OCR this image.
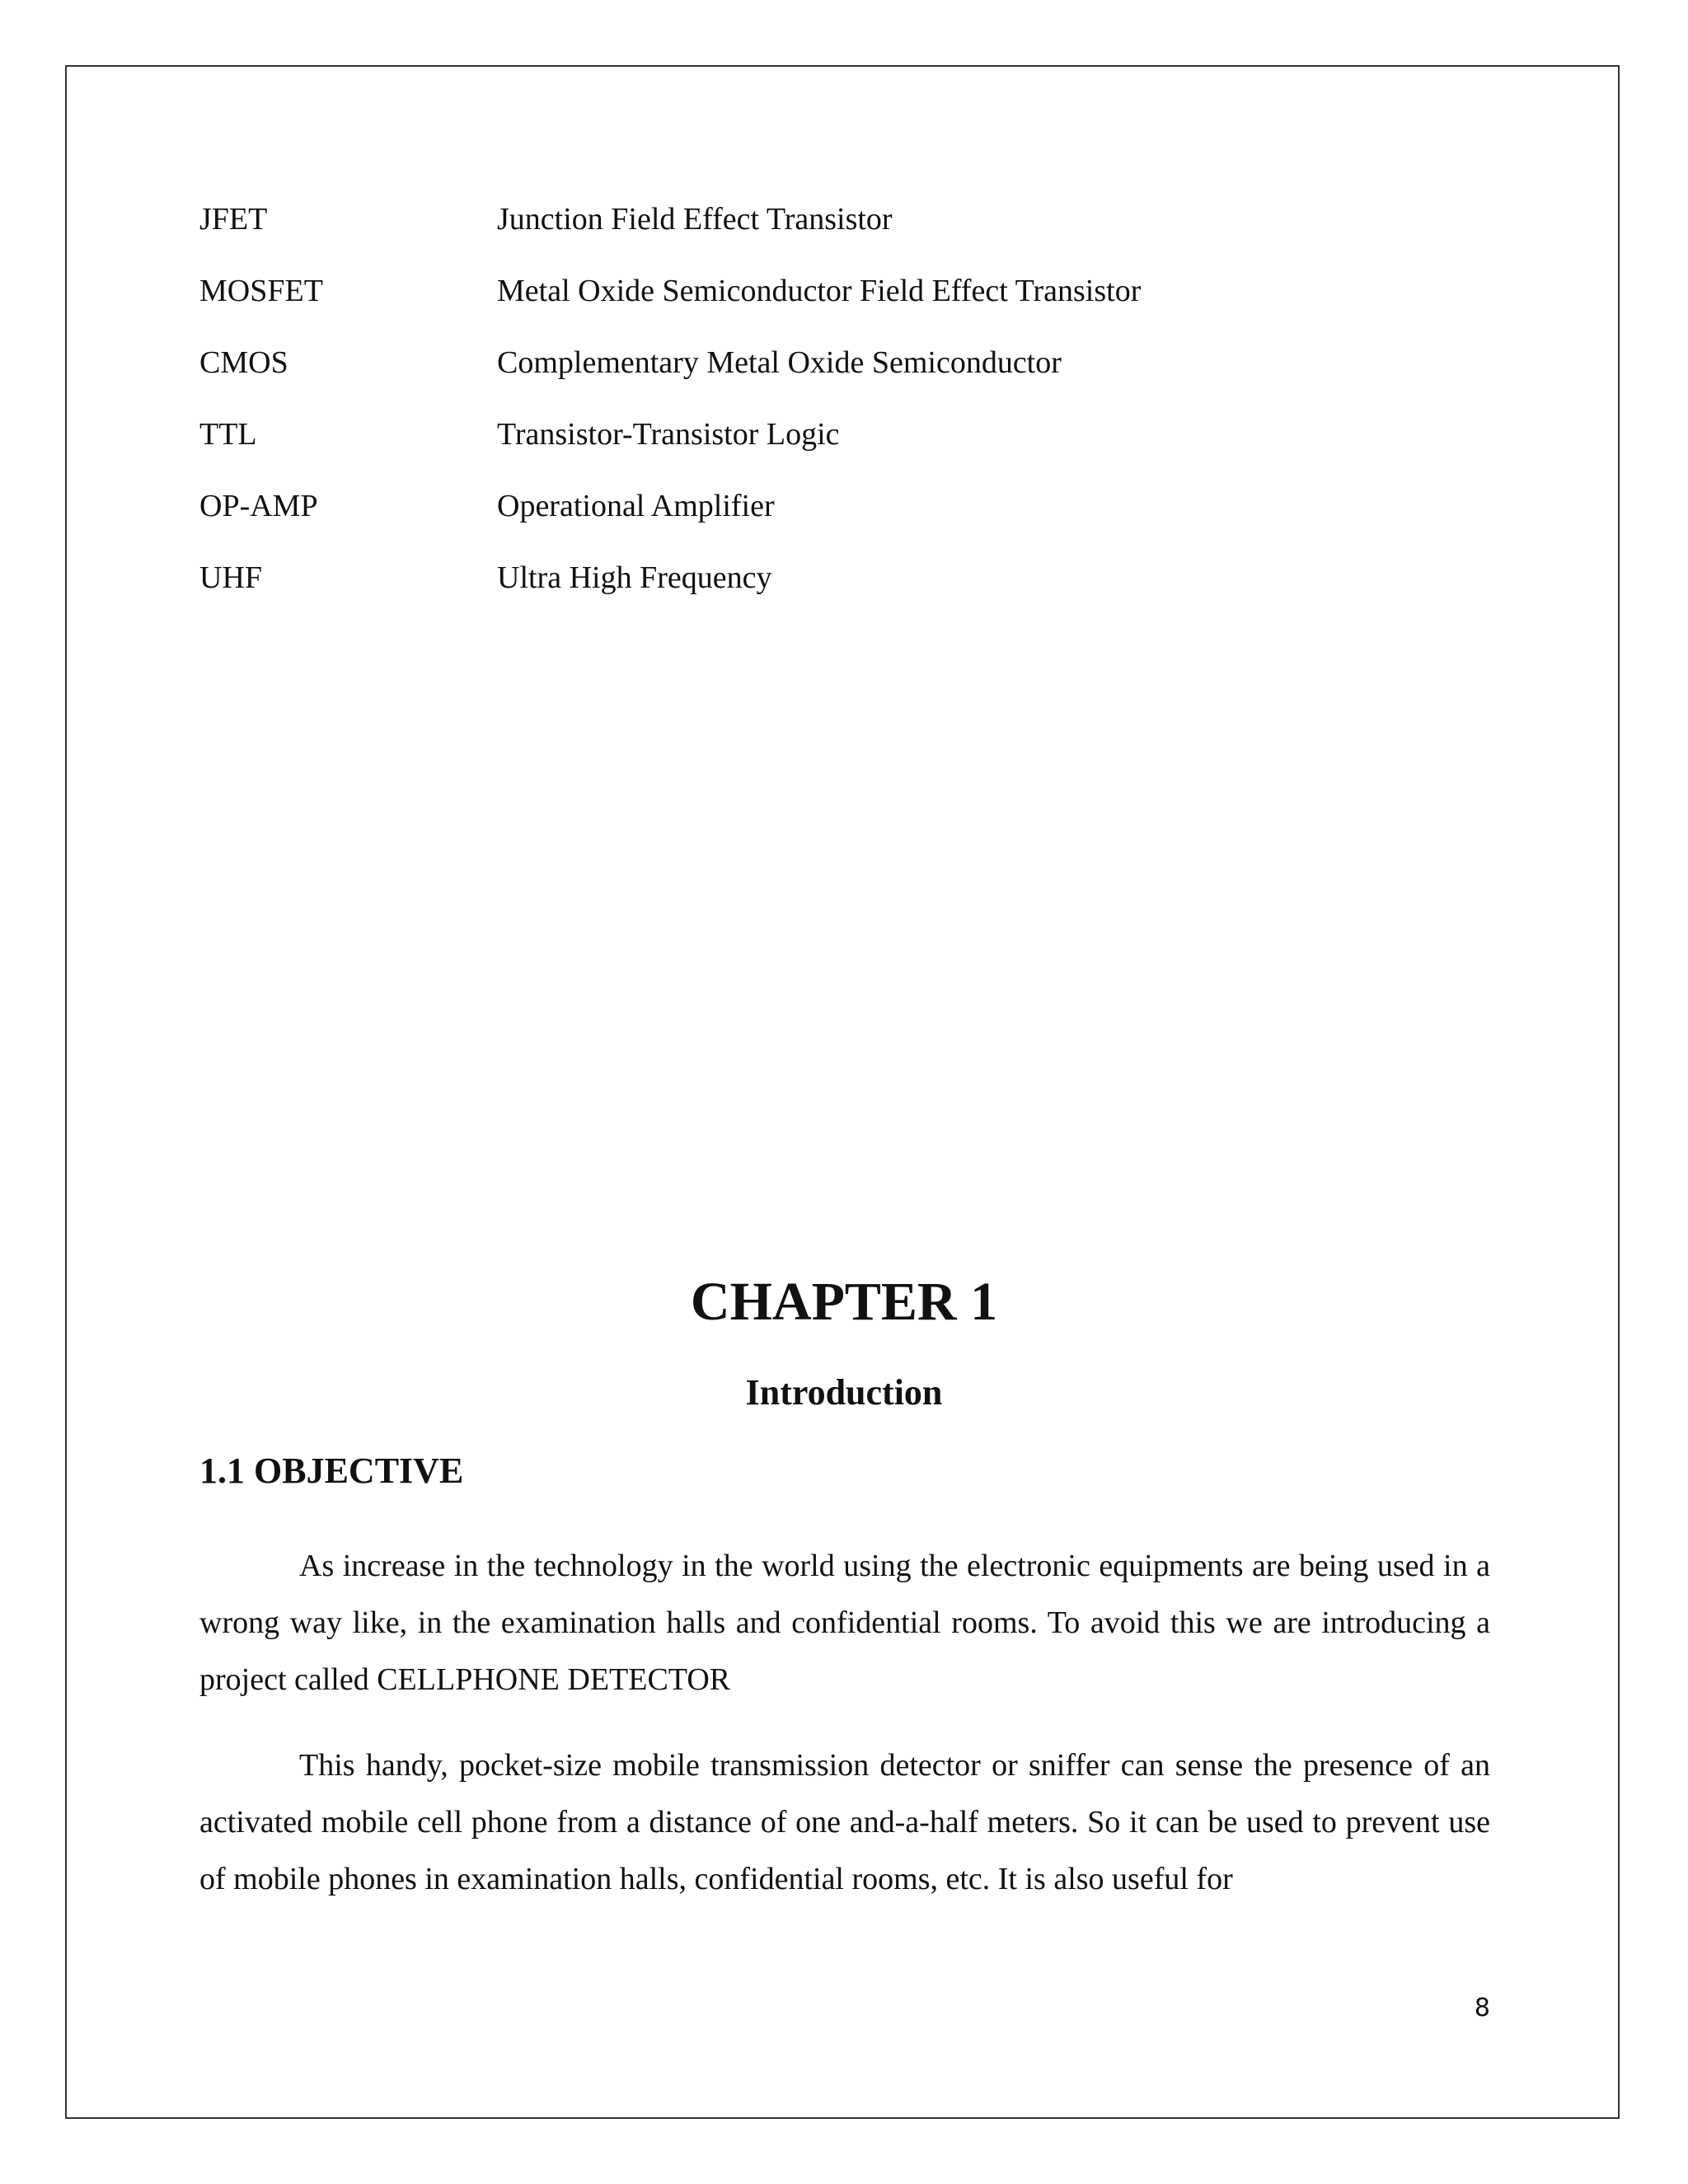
JFET	Junction Field Effect Transistor
MOSFET	Metal Oxide Semiconductor Field Effect Transistor
CMOS	Complementary Metal Oxide Semiconductor
TTL	Transistor-Transistor Logic
OP-AMP	Operational Amplifier
UHF	Ultra High Frequency
CHAPTER 1
Introduction
1.1 OBJECTIVE

As increase in the technology in the world using the electronic equipments are being used in a wrong way like, in the examination halls and confidential rooms. To avoid this we are introducing a project called CELLPHONE DETECTOR

This handy, pocket-size mobile transmission detector or sniffer can sense the presence of an activated mobile cell phone from a distance of one and-a-half meters. So it can be used to prevent use of mobile phones in examination halls, confidential rooms, etc. It is also useful for

8
